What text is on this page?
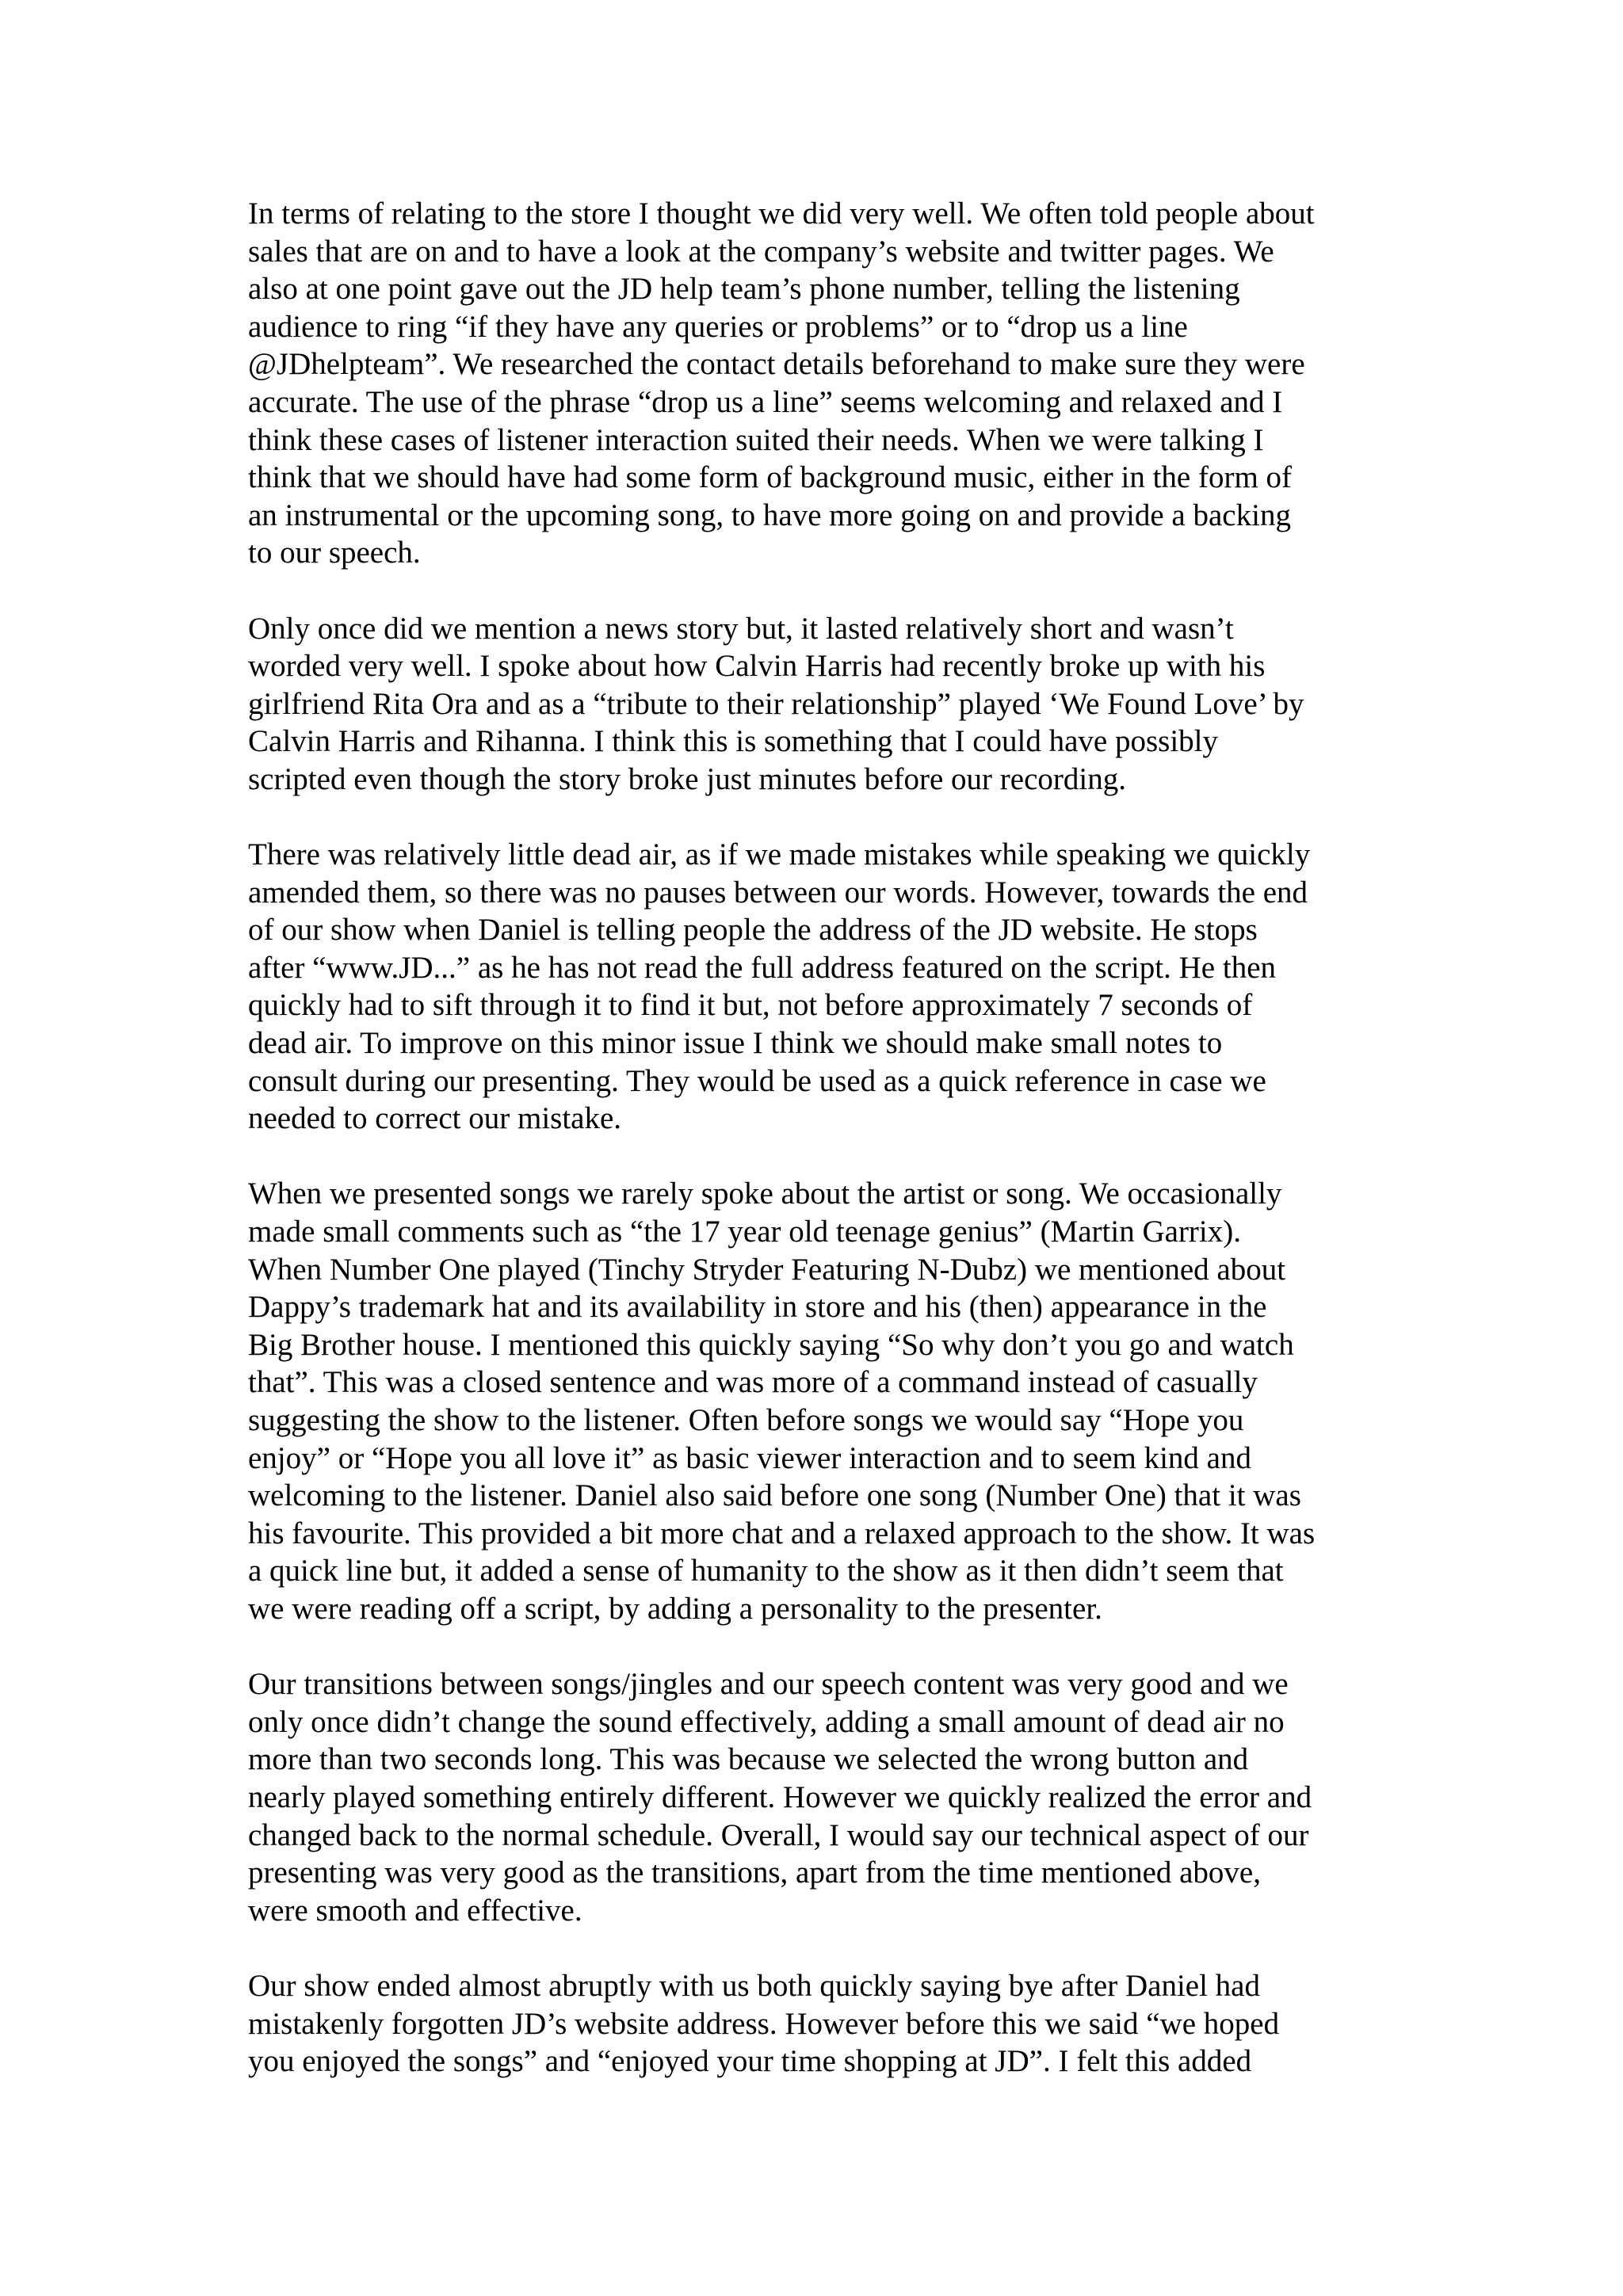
In terms of relating to the store I thought we did very well. We often told people about
sales that are on and to have a look at the company’s website and twitter pages. We
also at one point gave out the JD help team’s phone number, telling the listening
audience to ring “if they have any queries or problems” or to “drop us a line
@JDhelpteam”. We researched the contact details beforehand to make sure they were
accurate. The use of the phrase “drop us a line” seems welcoming and relaxed and I
think these cases of listener interaction suited their needs. When we were talking I
think that we should have had some form of background music, either in the form of
an instrumental or the upcoming song, to have more going on and provide a backing
to our speech.

Only once did we mention a news story but, it lasted relatively short and wasn’t
worded very well. I spoke about how Calvin Harris had recently broke up with his
girlfriend Rita Ora and as a “tribute to their relationship” played ‘We Found Love’ by
Calvin Harris and Rihanna. I think this is something that I could have possibly
scripted even though the story broke just minutes before our recording.

There was relatively little dead air, as if we made mistakes while speaking we quickly
amended them, so there was no pauses between our words. However, towards the end
of our show when Daniel is telling people the address of the JD website. He stops
after “www.JD...” as he has not read the full address featured on the script. He then
quickly had to sift through it to find it but, not before approximately 7 seconds of
dead air. To improve on this minor issue I think we should make small notes to
consult during our presenting. They would be used as a quick reference in case we
needed to correct our mistake.

When we presented songs we rarely spoke about the artist or song. We occasionally
made small comments such as “the 17 year old teenage genius” (Martin Garrix).
When Number One played (Tinchy Stryder Featuring N-Dubz) we mentioned about
Dappy’s trademark hat and its availability in store and his (then) appearance in the
Big Brother house. I mentioned this quickly saying “So why don’t you go and watch
that”. This was a closed sentence and was more of a command instead of casually
suggesting the show to the listener. Often before songs we would say “Hope you
enjoy” or “Hope you all love it” as basic viewer interaction and to seem kind and
welcoming to the listener. Daniel also said before one song (Number One) that it was
his favourite. This provided a bit more chat and a relaxed approach to the show. It was
a quick line but, it added a sense of humanity to the show as it then didn’t seem that
we were reading off a script, by adding a personality to the presenter.

Our transitions between songs/jingles and our speech content was very good and we
only once didn’t change the sound effectively, adding a small amount of dead air no
more than two seconds long. This was because we selected the wrong button and
nearly played something entirely different. However we quickly realized the error and
changed back to the normal schedule. Overall, I would say our technical aspect of our
presenting was very good as the transitions, apart from the time mentioned above,
were smooth and effective.

Our show ended almost abruptly with us both quickly saying bye after Daniel had
mistakenly forgotten JD’s website address. However before this we said “we hoped
you enjoyed the songs” and “enjoyed your time shopping at JD”. I felt this added
